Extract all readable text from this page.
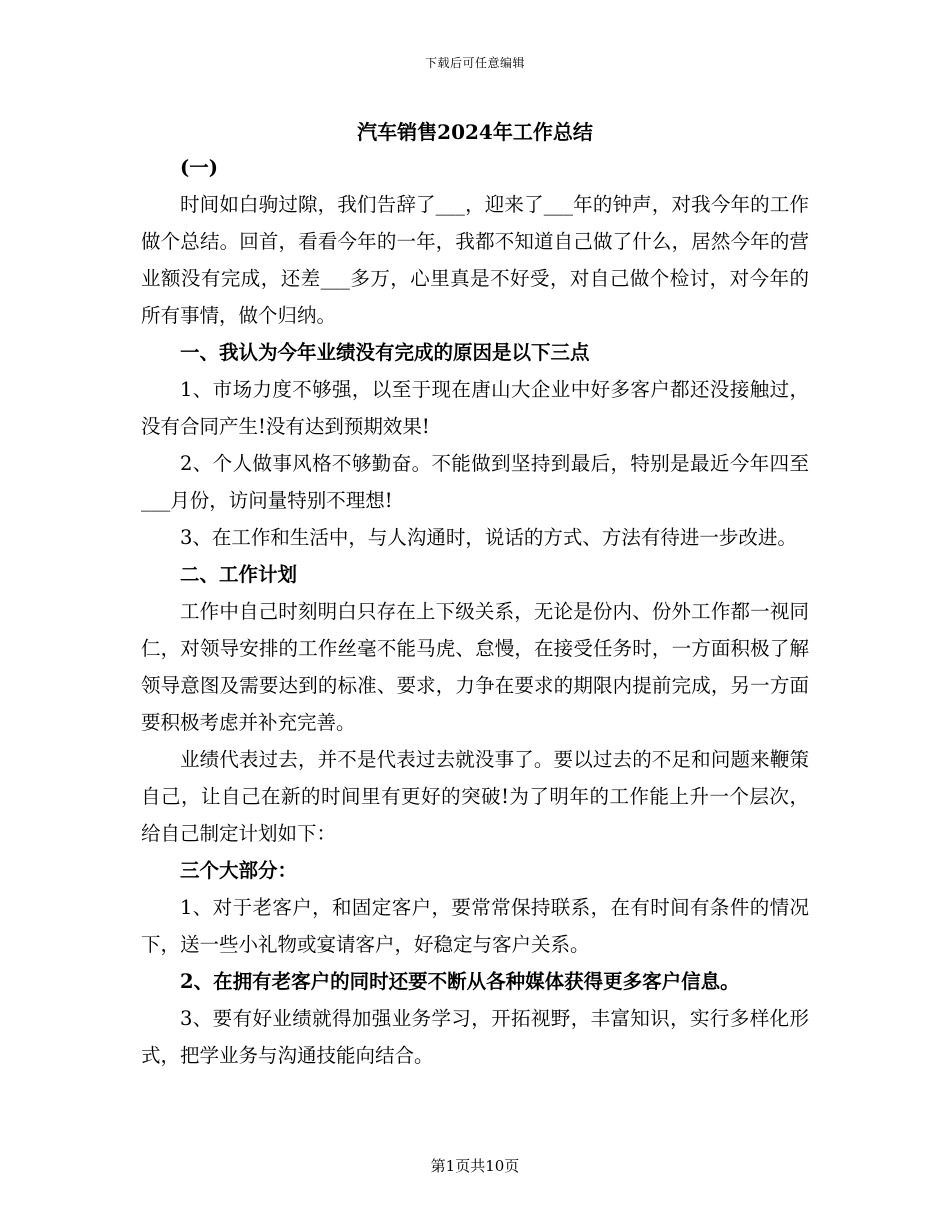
下载后可任意编辑
汽车销售2024年工作总结

(一)

时间如白驹过隙，我们告辞了___，迎来了___年的钟声，对我今年的工作做个总结。回首，看看今年的一年，我都不知道自己做了什么，居然今年的营业额没有完成，还差___多万，心里真是不好受，对自己做个检讨，对今年的所有事情，做个归纳。

一、我认为今年业绩没有完成的原因是以下三点

1、市场力度不够强，以至于现在唐山大企业中好多客户都还没接触过，没有合同产生!没有达到预期效果!

2、个人做事风格不够勤奋。不能做到坚持到最后，特别是最近今年四至___月份，访问量特别不理想!

3、在工作和生活中，与人沟通时，说话的方式、方法有待进一步改进。

二、工作计划

工作中自己时刻明白只存在上下级关系，无论是份内、份外工作都一视同仁，对领导安排的工作丝毫不能马虎、怠慢，在接受任务时，一方面积极了解领导意图及需要达到的标准、要求，力争在要求的期限内提前完成，另一方面要积极考虑并补充完善。

业绩代表过去，并不是代表过去就没事了。要以过去的不足和问题来鞭策自己，让自己在新的时间里有更好的突破!为了明年的工作能上升一个层次，给自己制定计划如下：

三个大部分：

1、对于老客户，和固定客户，要常常保持联系，在有时间有条件的情况下，送一些小礼物或宴请客户，好稳定与客户关系。

2、在拥有老客户的同时还要不断从各种媒体获得更多客户信息。

3、要有好业绩就得加强业务学习，开拓视野，丰富知识，实行多样化形式，把学业务与沟通技能向结合。

第1页共10页
